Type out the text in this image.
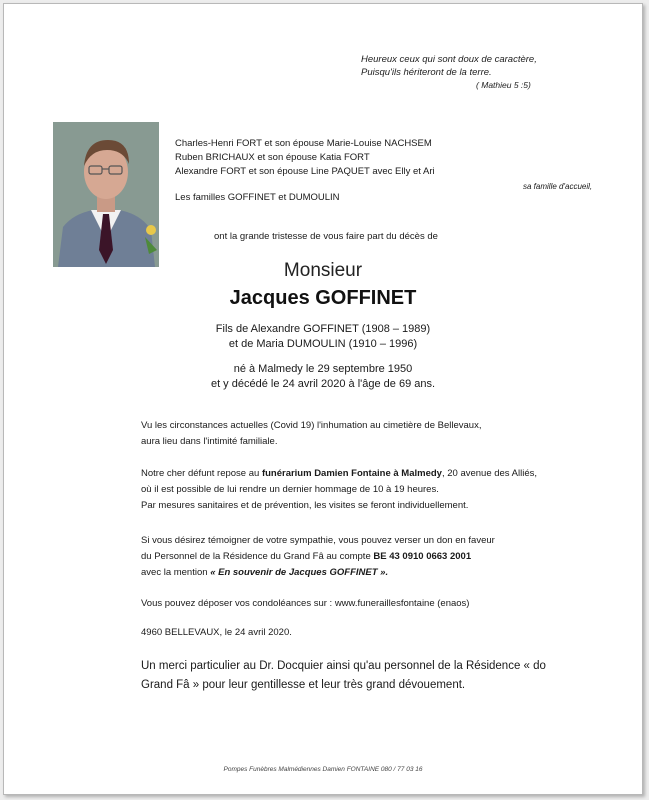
Heureux ceux qui sont doux de caractère,
Puisqu'ils hériteront de la terre.
( Mathieu 5 :5)
Charles-Henri FORT et son épouse Marie-Louise NACHSEM
Ruben BRICHAUX et son épouse Katia FORT
Alexandre FORT et son épouse Line PAQUET avec Elly et Ari
Les familles GOFFINET et DUMOULIN
sa famille d'accueil,
ont la grande tristesse de vous faire part du décès de
Monsieur
Jacques GOFFINET
Fils de Alexandre GOFFINET (1908 – 1989)
et de Maria DUMOULIN (1910 – 1996)
né à Malmedy le 29 septembre 1950
et y décédé le 24 avril 2020 à l'âge de 69 ans.
Vu les circonstances actuelles (Covid 19) l'inhumation au cimetière de Bellevaux,
aura lieu dans l'intimité familiale.
Notre cher défunt repose au funérarium Damien Fontaine à Malmedy, 20 avenue des Alliés,
où il est possible de lui rendre un dernier hommage de 10 à 19 heures.
Par mesures sanitaires et de prévention, les visites se feront individuellement.
Si vous désirez témoigner de votre sympathie, vous pouvez verser un don en faveur
du Personnel de la Résidence du Grand Fâ au compte BE 43 0910 0663 2001
avec la mention « En souvenir de Jacques GOFFINET ».
Vous pouvez déposer vos condoléances sur : www.funeraillesfontaine (enaos)
4960 BELLEVAUX, le 24 avril 2020.
Un merci particulier au Dr. Docquier ainsi qu'au personnel de la Résidence « do
Grand Fâ » pour leur gentillesse et leur très grand dévouement.
Pompes Funèbres Malmédiennes Damien FONTAINE 080 / 77 03 16
